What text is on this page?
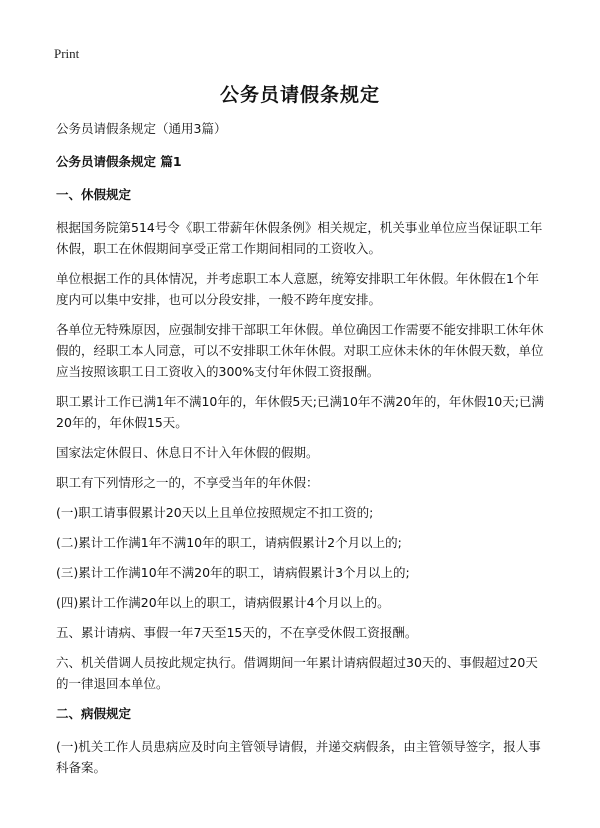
Print
公务员请假条规定

公务员请假条规定（通用3篇）

公务员请假条规定 篇1

一、休假规定

根据国务院第514号令《职工带薪年休假条例》相关规定，机关事业单位应当保证职工年休假，职工在休假期间享受正常工作期间相同的工资收入。

单位根据工作的具体情况，并考虑职工本人意愿，统筹安排职工年休假。年休假在1个年度内可以集中安排，也可以分段安排，一般不跨年度安排。

各单位无特殊原因，应强制安排干部职工年休假。单位确因工作需要不能安排职工休年休假的，经职工本人同意，可以不安排职工休年休假。对职工应休未休的年休假天数，单位应当按照该职工日工资收入的300%支付年休假工资报酬。

职工累计工作已满1年不满10年的，年休假5天;已满10年不满20年的，年休假10天;已满20年的，年休假15天。

国家法定休假日、休息日不计入年休假的假期。

职工有下列情形之一的，不享受当年的年休假：

(一)职工请事假累计20天以上且单位按照规定不扣工资的;

(二)累计工作满1年不满10年的职工，请病假累计2个月以上的;

(三)累计工作满10年不满20年的职工，请病假累计3个月以上的;

(四)累计工作满20年以上的职工，请病假累计4个月以上的。

五、累计请病、事假一年7天至15天的，不在享受休假工资报酬。

六、机关借调人员按此规定执行。借调期间一年累计请病假超过30天的、事假超过20天的一律退回本单位。

二、病假规定

(一)机关工作人员患病应及时向主管领导请假，并递交病假条，由主管领导签字，报人事科备案。
